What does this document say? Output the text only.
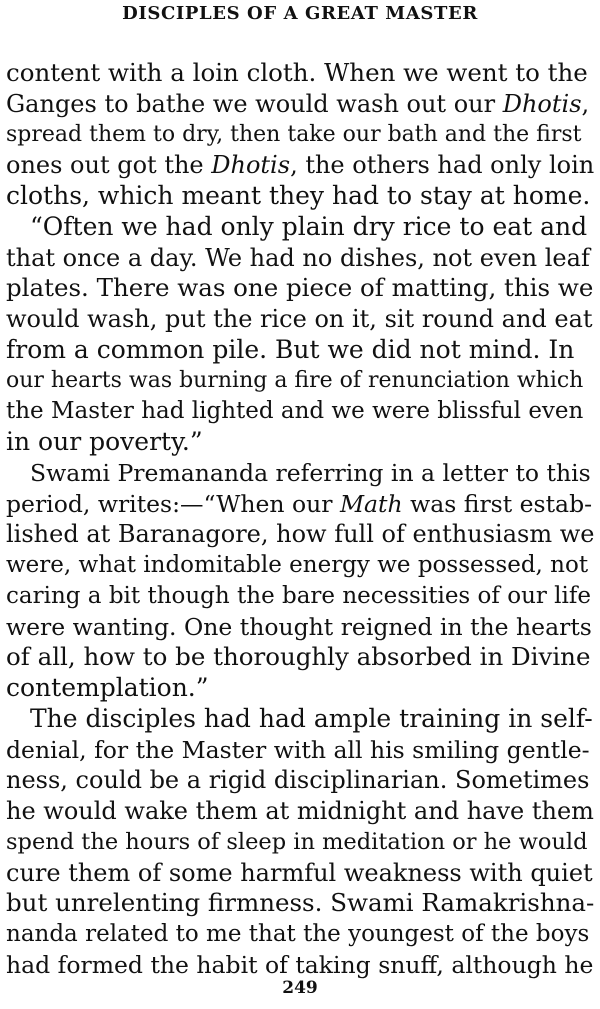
DISCIPLES OF A GREAT MASTER
content with a loin cloth. When we went to the
Ganges to bathe we would wash out our Dhotis,
spread them to dry, then take our bath and the first
ones out got the Dhotis, the others had only loin
cloths, which meant they had to stay at home.
“Often we had only plain dry rice to eat and
that once a day. We had no dishes, not even leaf
plates. There was one piece of matting, this we
would wash, put the rice on it, sit round and eat
from a common pile. But we did not mind. In
our hearts was burning a fire of renunciation which
the Master had lighted and we were blissful even
in our poverty.”
Swami Premananda referring in a letter to this
period, writes:—“When our Math was first estab-
lished at Baranagore, how full of enthusiasm we
were, what indomitable energy we possessed, not
caring a bit though the bare necessities of our life
were wanting. One thought reigned in the hearts
of all, how to be thoroughly absorbed in Divine
contemplation.”
The disciples had had ample training in self-
denial, for the Master with all his smiling gentle-
ness, could be a rigid disciplinarian. Sometimes
he would wake them at midnight and have them
spend the hours of sleep in meditation or he would
cure them of some harmful weakness with quiet
but unrelenting firmness. Swami Ramakrishna-
nanda related to me that the youngest of the boys
had formed the habit of taking snuff, although he
249
